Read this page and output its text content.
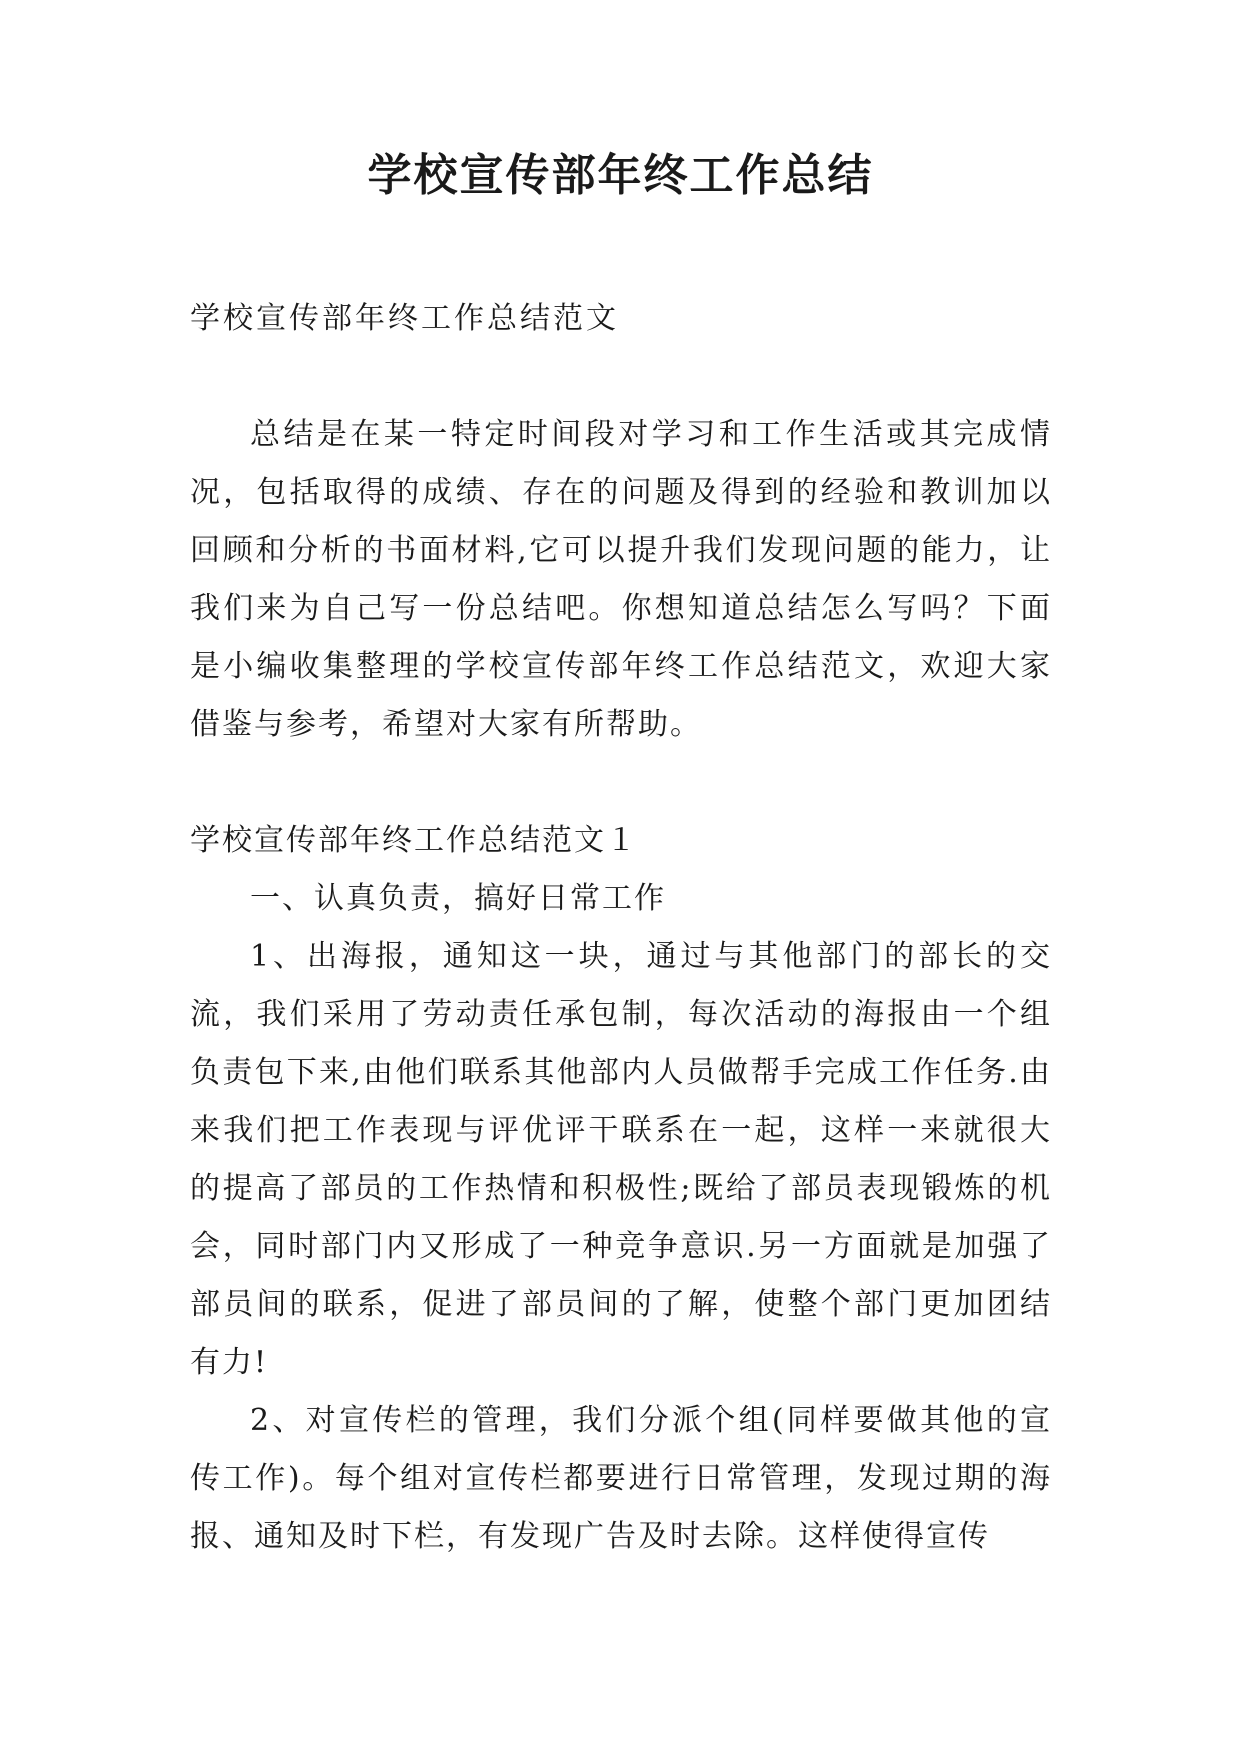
学校宣传部年终工作总结
学校宣传部年终工作总结范文

总结是在某一特定时间段对学习和工作生活或其完成情况，包括取得的成绩、存在的问题及得到的经验和教训加以回顾和分析的书面材料,它可以提升我们发现问题的能力，让我们来为自己写一份总结吧。你想知道总结怎么写吗？下面是小编收集整理的学校宣传部年终工作总结范文，欢迎大家借鉴与参考，希望对大家有所帮助。

学校宣传部年终工作总结范文１

一、认真负责，搞好日常工作

1、出海报，通知这一块，通过与其他部门的部长的交流，我们采用了劳动责任承包制，每次活动的海报由一个组负责包下来,由他们联系其他部内人员做帮手完成工作任务.由来我们把工作表现与评优评干联系在一起，这样一来就很大的提高了部员的工作热情和积极性;既给了部员表现锻炼的机会，同时部门内又形成了一种竞争意识.另一方面就是加强了部员间的联系，促进了部员间的了解，使整个部门更加团结有力!

2、对宣传栏的管理，我们分派个组(同样要做其他的宣传工作)。每个组对宣传栏都要进行日常管理，发现过期的海报、通知及时下栏，有发现广告及时去除。这样使得宣传
